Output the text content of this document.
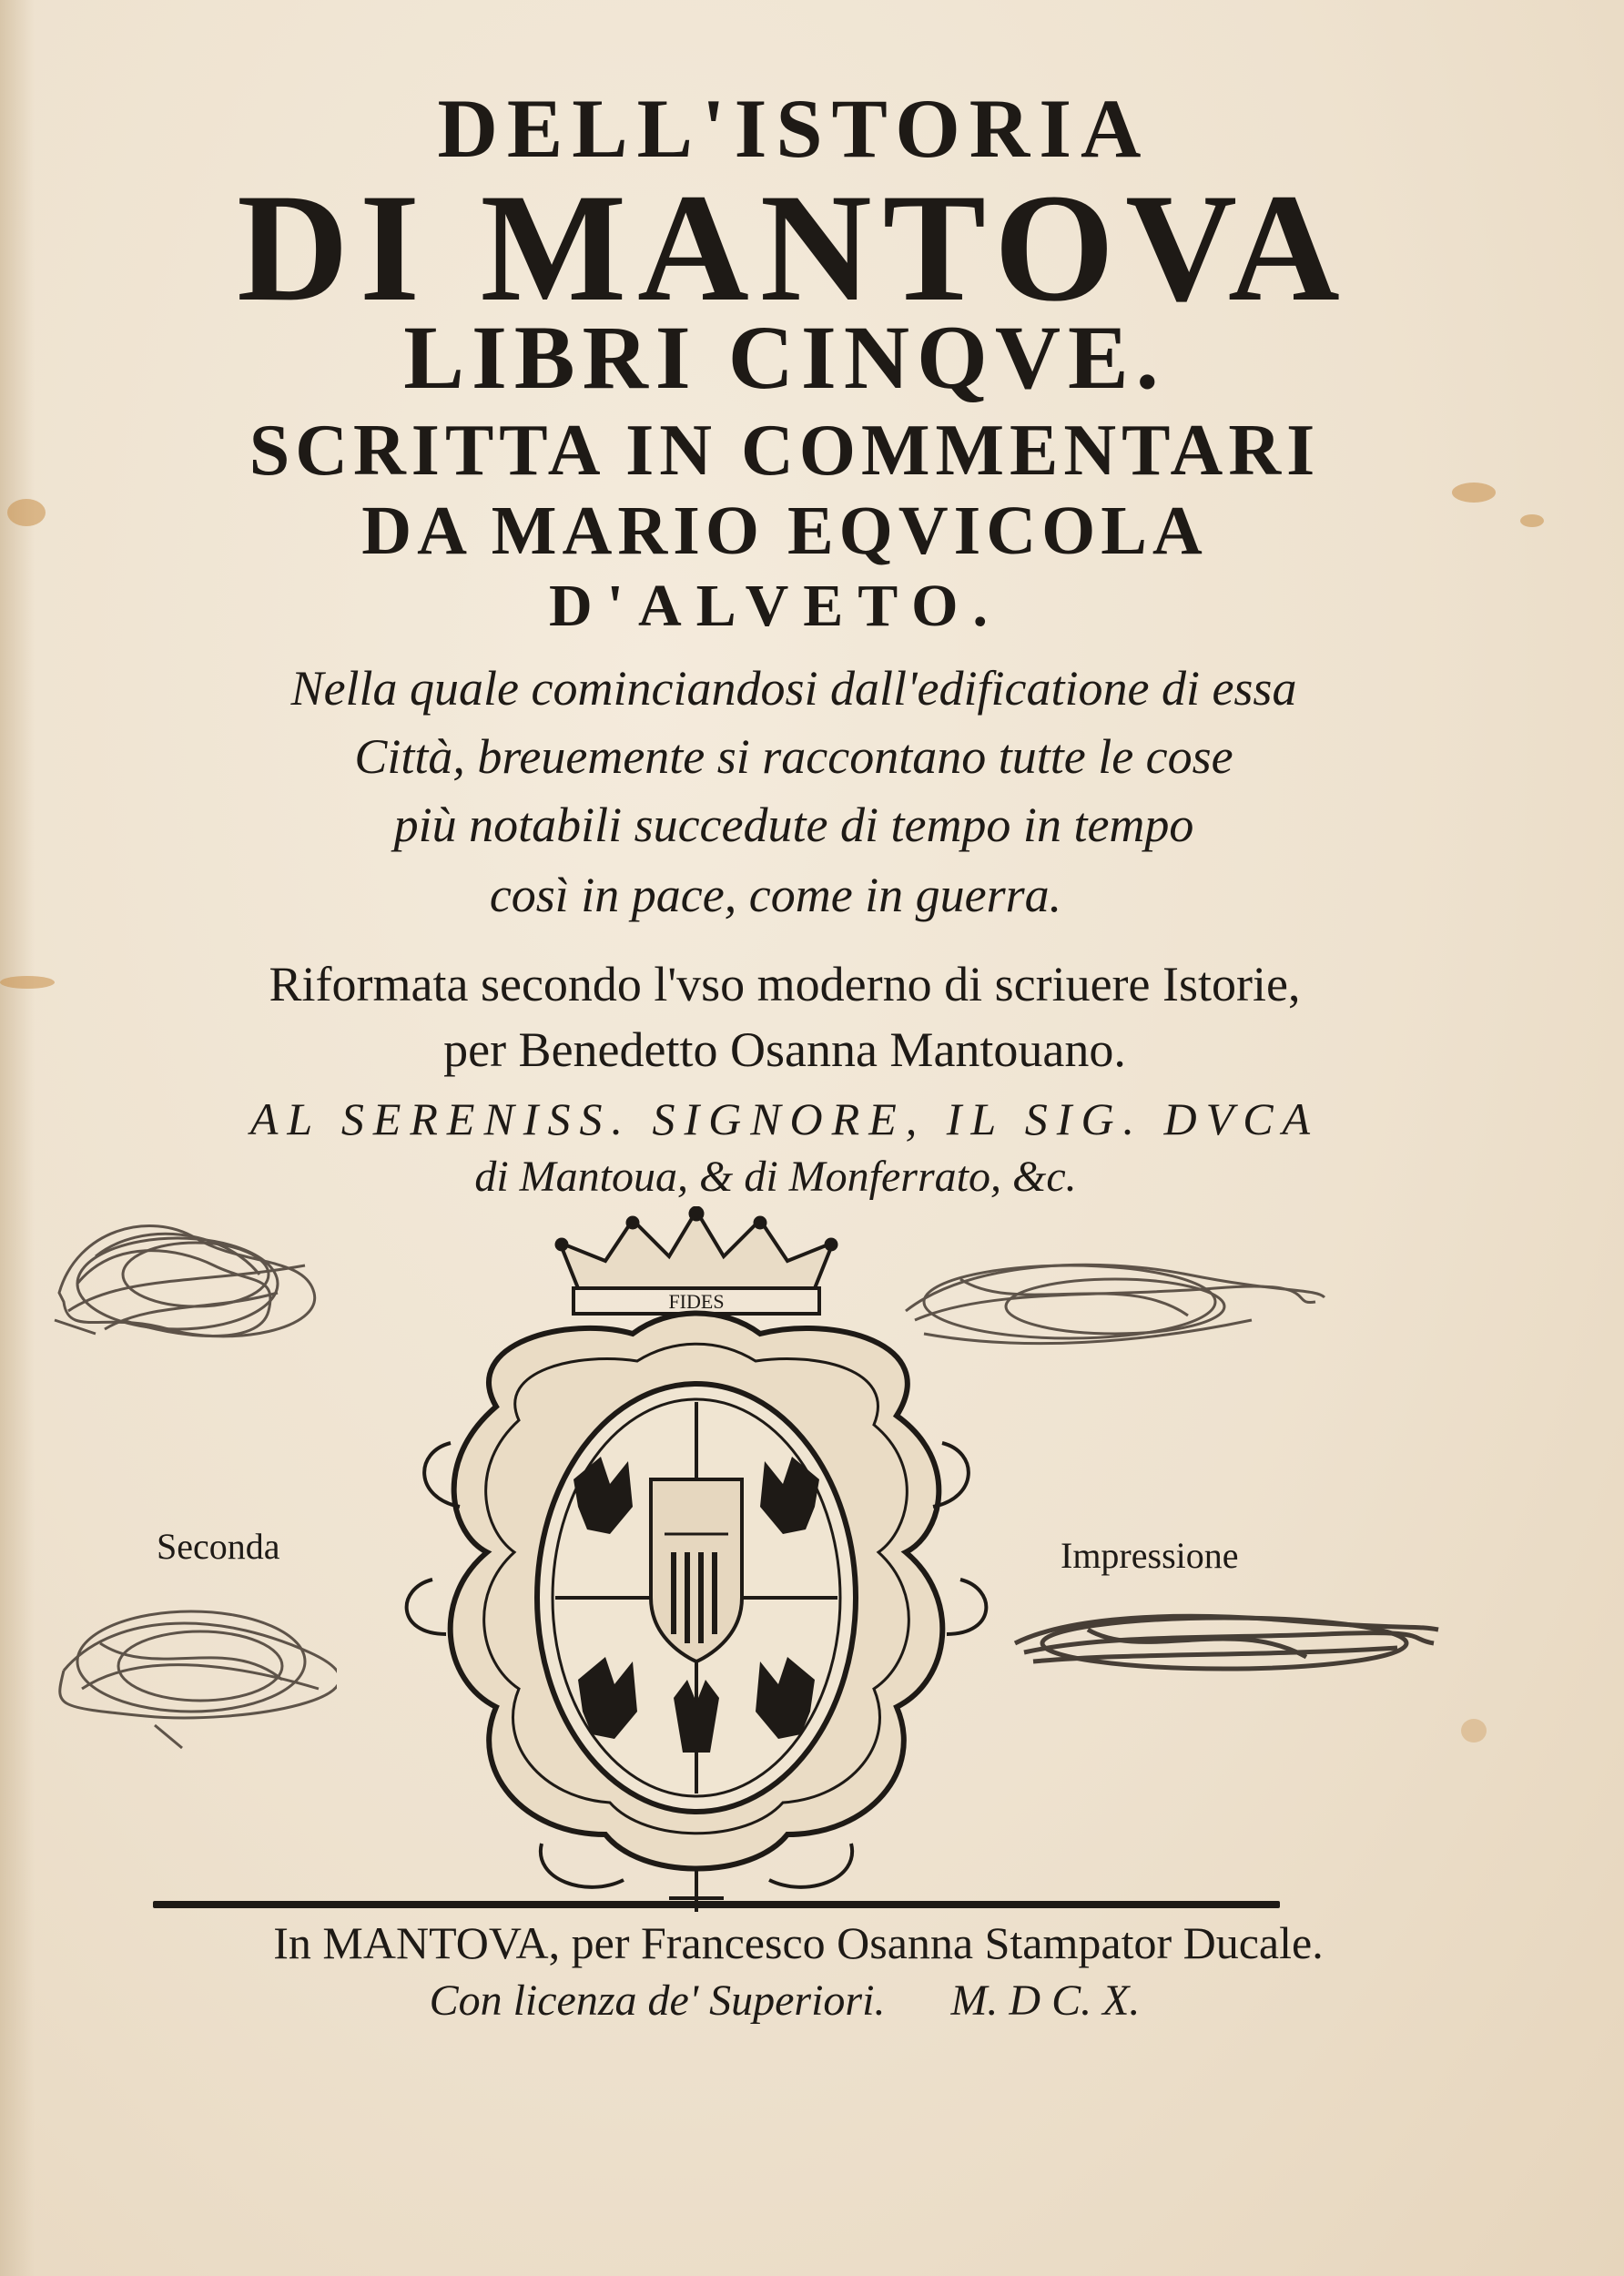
DELL'ISTORIA
DI MANTOVA
LIBRI CINQVE.
SCRITTA IN COMMENTARI
DA MARIO EQVICOLA
D'ALVETO.
Nella quale cominciandosi dall'edificatione di essa
Città, breuemente si raccontano tutte le cose
più notabili succedute di tempo in tempo
così in pace, come in guerra.
Riformata secondo l'vso moderno di scriuere Istorie,
per Benedetto Osanna Mantouano.
AL SERENISS. SIGNORE, IL SIG. DVCA
di Mantoua, & di Monferrato, &c.
Seconda	Impressione
FIDES
In MANTOVA, per Francesco Osanna Stampator Ducale.
Con licenza de' Superiori.      M. D C. X.
